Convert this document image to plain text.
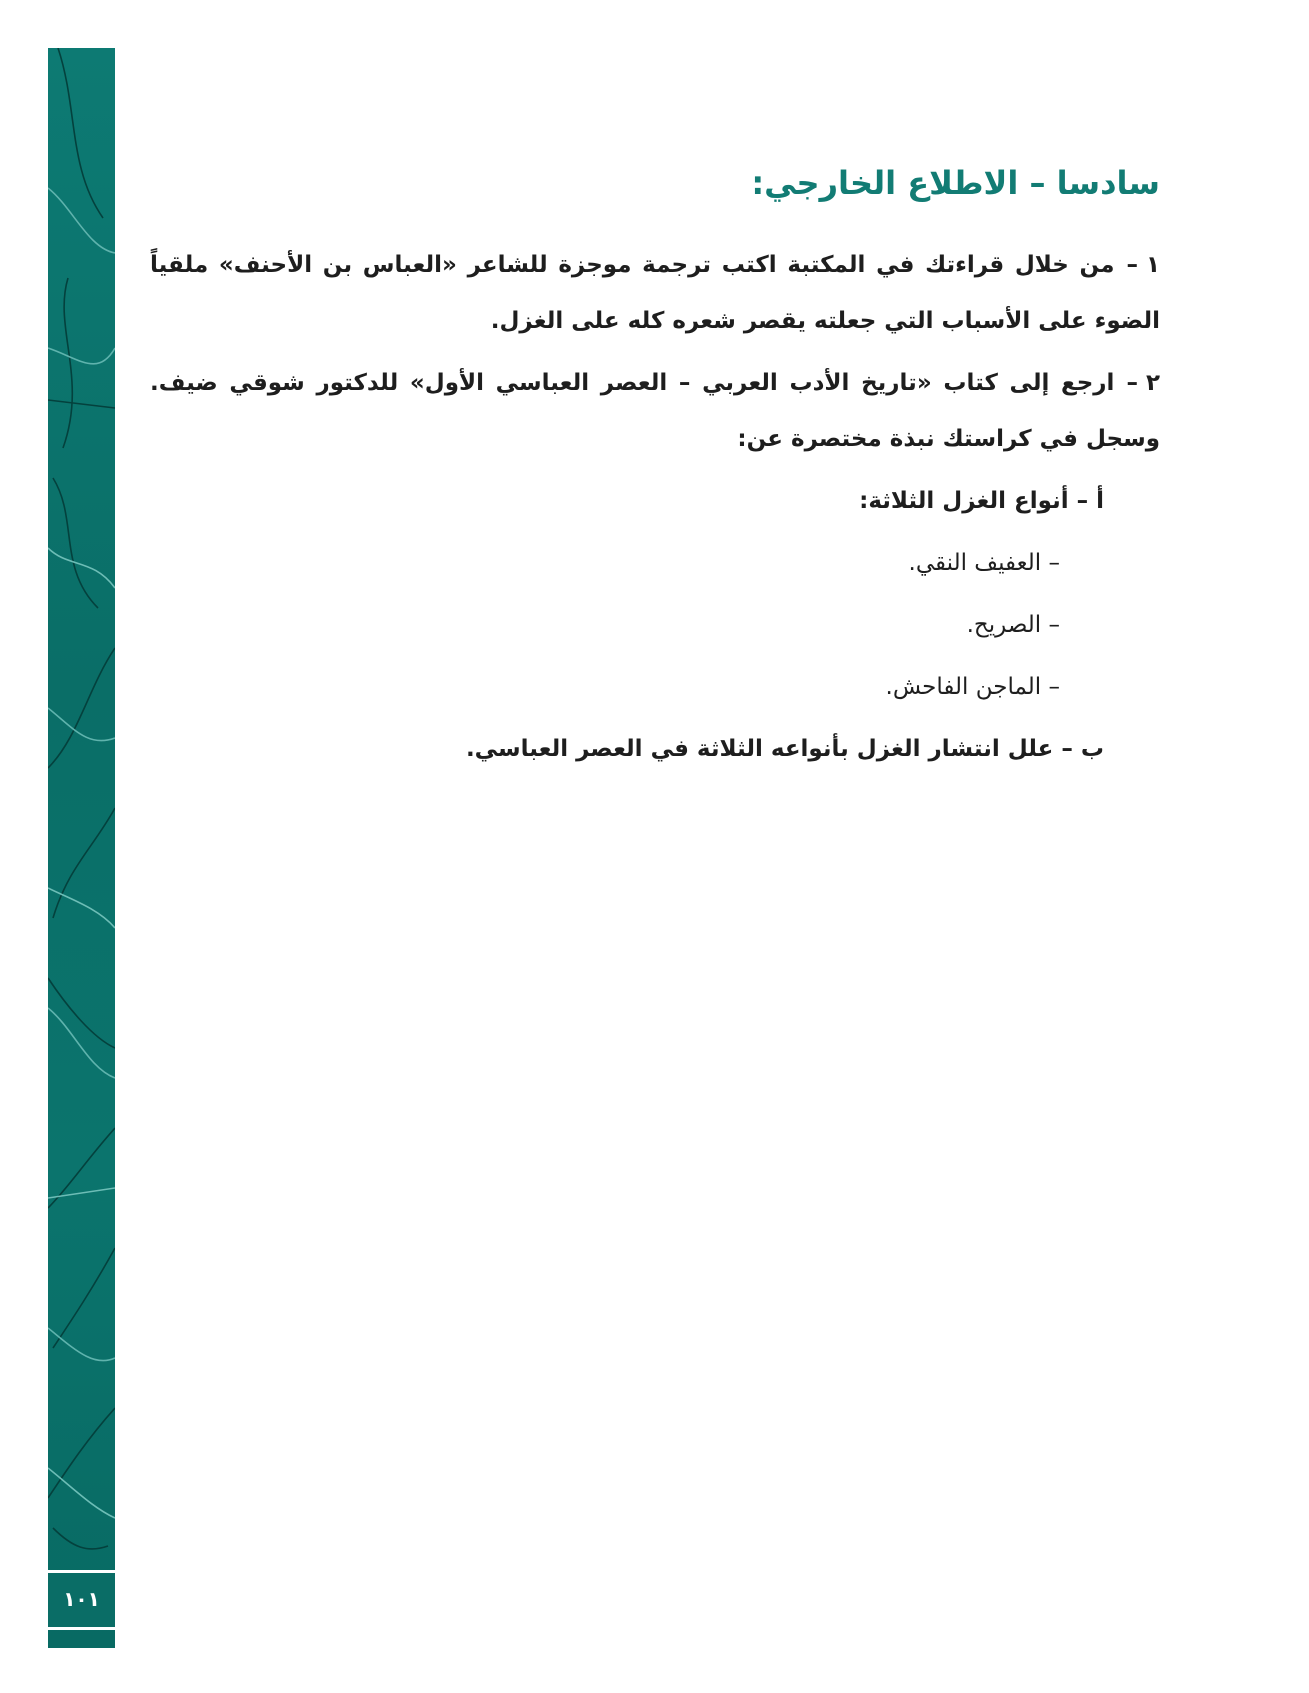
١٠١
سادسا – الاطلاع الخارجي:
١ –من خلال قراءتك في المكتبة اكتب ترجمة موجزة للشاعر «العباس بن الأحنف» ملقياً الضوء على الأسباب التي جعلته يقصر شعره كله على الغزل.
٢ –ارجع إلى كتاب «تاريخ الأدب العربي – العصر العباسي الأول» للدكتور شوقي ضيف. وسجل في كراستك نبذة مختصرة عن:
أ – أنواع الغزل الثلاثة:
– العفيف النقي.
– الصريح.
– الماجن الفاحش.
ب – علل انتشار الغزل بأنواعه الثلاثة في العصر العباسي.
